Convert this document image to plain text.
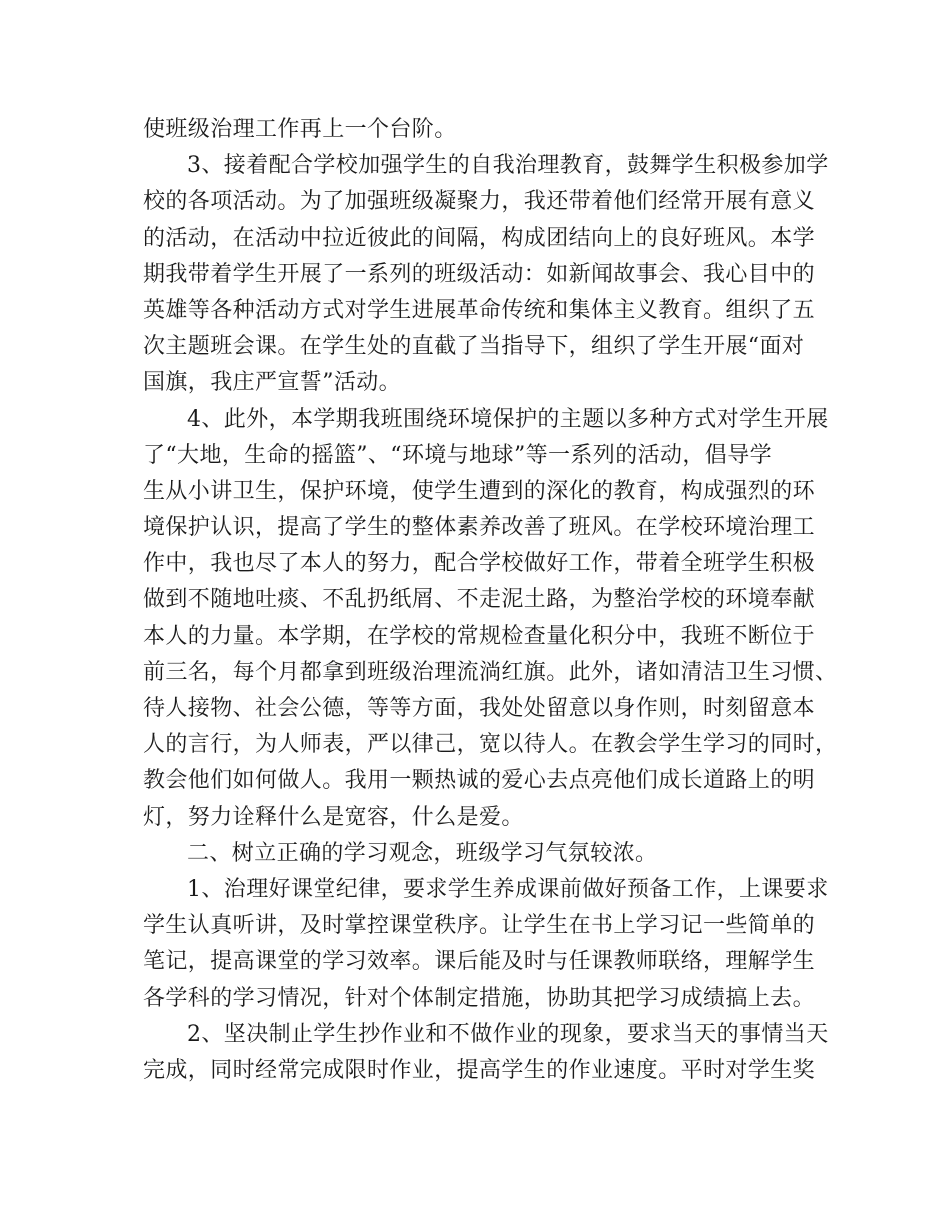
使班级治理工作再上一个台阶。
3、接着配合学校加强学生的自我治理教育，鼓舞学生积极参加学
校的各项活动。为了加强班级凝聚力，我还带着他们经常开展有意义
的活动，在活动中拉近彼此的间隔，构成团结向上的良好班风。本学
期我带着学生开展了一系列的班级活动：如新闻故事会、我心目中的
英雄等各种活动方式对学生进展革命传统和集体主义教育。组织了五
次主题班会课。在学生处的直截了当指导下，组织了学生开展“面对
国旗，我庄严宣誓”活动。
4、此外，本学期我班围绕环境保护的主题以多种方式对学生开展
了“大地，生命的摇篮”、“环境与地球”等一系列的活动，倡导学
生从小讲卫生，保护环境，使学生遭到的深化的教育，构成强烈的环
境保护认识，提高了学生的整体素养改善了班风。在学校环境治理工
作中，我也尽了本人的努力，配合学校做好工作，带着全班学生积极
做到不随地吐痰、不乱扔纸屑、不走泥土路，为整治学校的环境奉献
本人的力量。本学期，在学校的常规检查量化积分中，我班不断位于
前三名，每个月都拿到班级治理流淌红旗。此外，诸如清洁卫生习惯、
待人接物、社会公德，等等方面，我处处留意以身作则，时刻留意本
人的言行，为人师表，严以律己，宽以待人。在教会学生学习的同时，
教会他们如何做人。我用一颗热诚的爱心去点亮他们成长道路上的明
灯，努力诠释什么是宽容，什么是爱。
二、树立正确的学习观念，班级学习气氛较浓。
1、治理好课堂纪律，要求学生养成课前做好预备工作，上课要求
学生认真听讲，及时掌控课堂秩序。让学生在书上学习记一些简单的
笔记，提高课堂的学习效率。课后能及时与任课教师联络，理解学生
各学科的学习情况，针对个体制定措施，协助其把学习成绩搞上去。
2、坚决制止学生抄作业和不做作业的现象，要求当天的事情当天
完成，同时经常完成限时作业，提高学生的作业速度。平时对学生奖
